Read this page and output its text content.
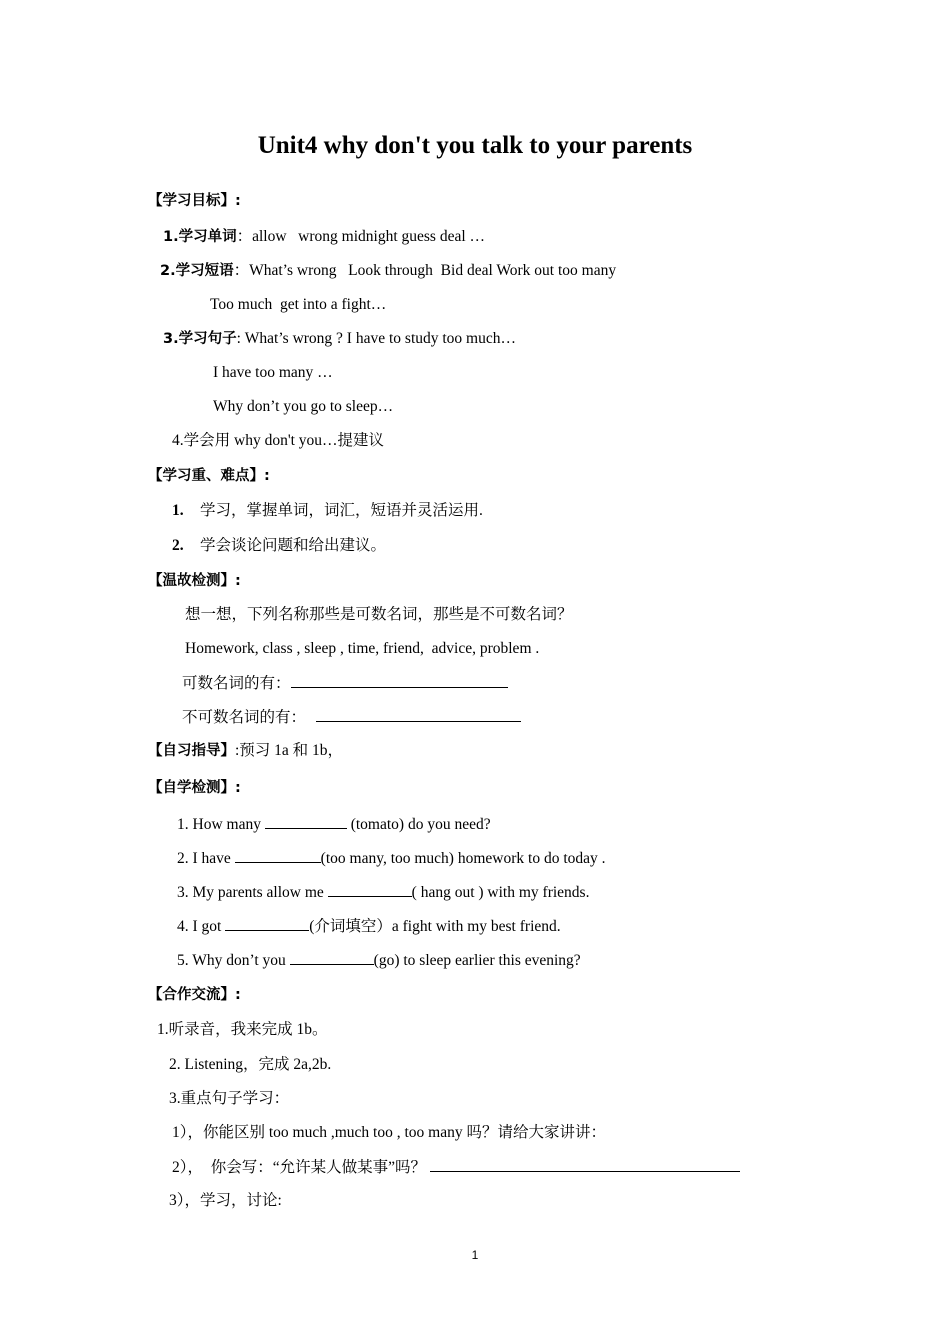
Unit4 why don't you talk to your parents
【学习目标】:
1.学习单词：allow   wrong midnight guess deal …
2.学习短语：What’s wrong   Look through  Bid deal Work out too many
Too much  get into a fight…
3.学习句子: What’s wrong ? I have to study too much…
I have too many …
Why don’t you go to sleep…
4.学会用 why don't you…提建议
【学习重、难点】:
1. 学习，掌握单词，词汇，短语并灵活运用.
2. 学会谈论问题和给出建议。
【温故检测】:
想一想，下列名称那些是可数名词，那些是不可数名词？
Homework, class , sleep , time, friend,  advice, problem .
可数名词的有：
不可数名词的有：
【自习指导】:预习 1a 和 1b，
【自学检测】:
1. How many	(tomato) do you need?
2. I have	(too many, too much) homework to do today .
3. My parents allow me	( hang out ) with my friends.
4. I got	(介词填空）a fight with my best friend.
5. Why don’t you	(go) to sleep earlier this evening?
【合作交流】:
1.听录音，我来完成 1b。
2. Listening，完成 2a,2b.
3.重点句子学习：
1），你能区别 too much ,much too , too many 吗？请给大家讲讲：
2），  你会写：“允许某人做某事”吗？
3），学习，讨论:
1
